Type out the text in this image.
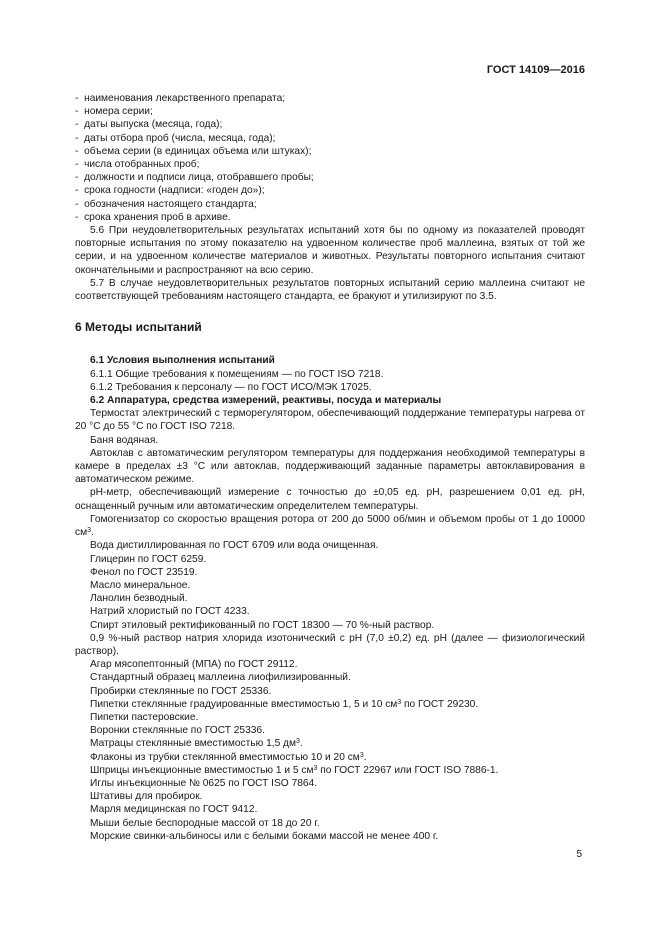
ГОСТ 14109—2016

-  наименования лекарственного препарата;

-  номера серии;

-  даты выпуска (месяца, года);

-  даты отбора проб (числа, месяца, года);

-  объема серии (в единицах объема или штуках);

-  числа отобранных проб;

-  должности и подписи лица, отобравшего пробы;

-  срока годности (надписи: «годен до»);

-  обозначения настоящего стандарта;

-  срока хранения проб в архиве.

5.6 При неудовлетворительных результатах испытаний хотя бы по одному из показателей проводят повторные испытания по этому показателю на удвоенном количестве проб маллеина, взятых от той же серии, и на удвоенном количестве материалов и животных. Результаты повторного испытания считают окончательными и распространяют на всю серию.

5.7 В случае неудовлетворительных результатов повторных испытаний серию маллеина считают не соответствующей требованиям настоящего стандарта, ее бракуют и утилизируют по 3.5.

6 Методы испытаний

6.1 Условия выполнения испытаний

6.1.1 Общие требования к помещениям — по ГОСТ ISO 7218.

6.1.2 Требования к персоналу — по ГОСТ ИСО/МЭК 17025.

6.2 Аппаратура, средства измерений, реактивы, посуда и материалы

Термостат электрический с терморегулятором, обеспечивающий поддержание температуры нагрева от 20 °С до 55 °С по ГОСТ ISO 7218.

Баня водяная.

Автоклав с автоматическим регулятором температуры для поддержания необходимой температуры в камере в пределах ±3 °С или автоклав, поддерживающий заданные параметры автоклавирования в автоматическом режиме.

pH-метр, обеспечивающий измерение с точностью до ±0,05 ед. pH, разрешением 0,01 ед. pH, оснащенный ручным или автоматическим определителем температуры.

Гомогенизатор со скоростью вращения ротора от 200 до 5000 об/мин и объемом пробы от 1 до 10000 $см^3$.

Вода дистиллированная по ГОСТ 6709 или вода очищенная.

Глицерин по ГОСТ 6259.

Фенол по ГОСТ 23519.

Масло минеральное.

Ланолин безводный.

Натрий хлористый по ГОСТ 4233.

Спирт этиловый ректификованный по ГОСТ 18300 — 70 %-ный раствор.

0,9 %-ный раствор натрия хлорида изотонический с pH (7,0 ±0,2) ед. pH (далее — физиологический раствор).

Агар мясопептонный (МПА) по ГОСТ 29112.

Стандартный образец маллеина лиофилизированный.

Пробирки стеклянные по ГОСТ 25336.

Пипетки стеклянные градуированные вместимостью 1, 5 и 10 $см^3$ по ГОСТ 29230.

Пипетки пастеровские.

Воронки стеклянные по ГОСТ 25336.

Матрацы стеклянные вместимостью 1,5 $дм^3$.

Флаконы из трубки стеклянной вместимостью 10 и 20 $см^3$.

Шприцы инъекционные вместимостью 1 и 5 $см^3$ по ГОСТ 22967 или ГОСТ ISO 7886-1.

Иглы инъекционные № 0625 по ГОСТ ISO 7864.

Штативы для пробирок.

Марля медицинская по ГОСТ 9412.

Мыши белые беспородные массой от 18 до 20 г.

Морские свинки-альбиносы или с белыми боками массой не менее 400 г.

5
